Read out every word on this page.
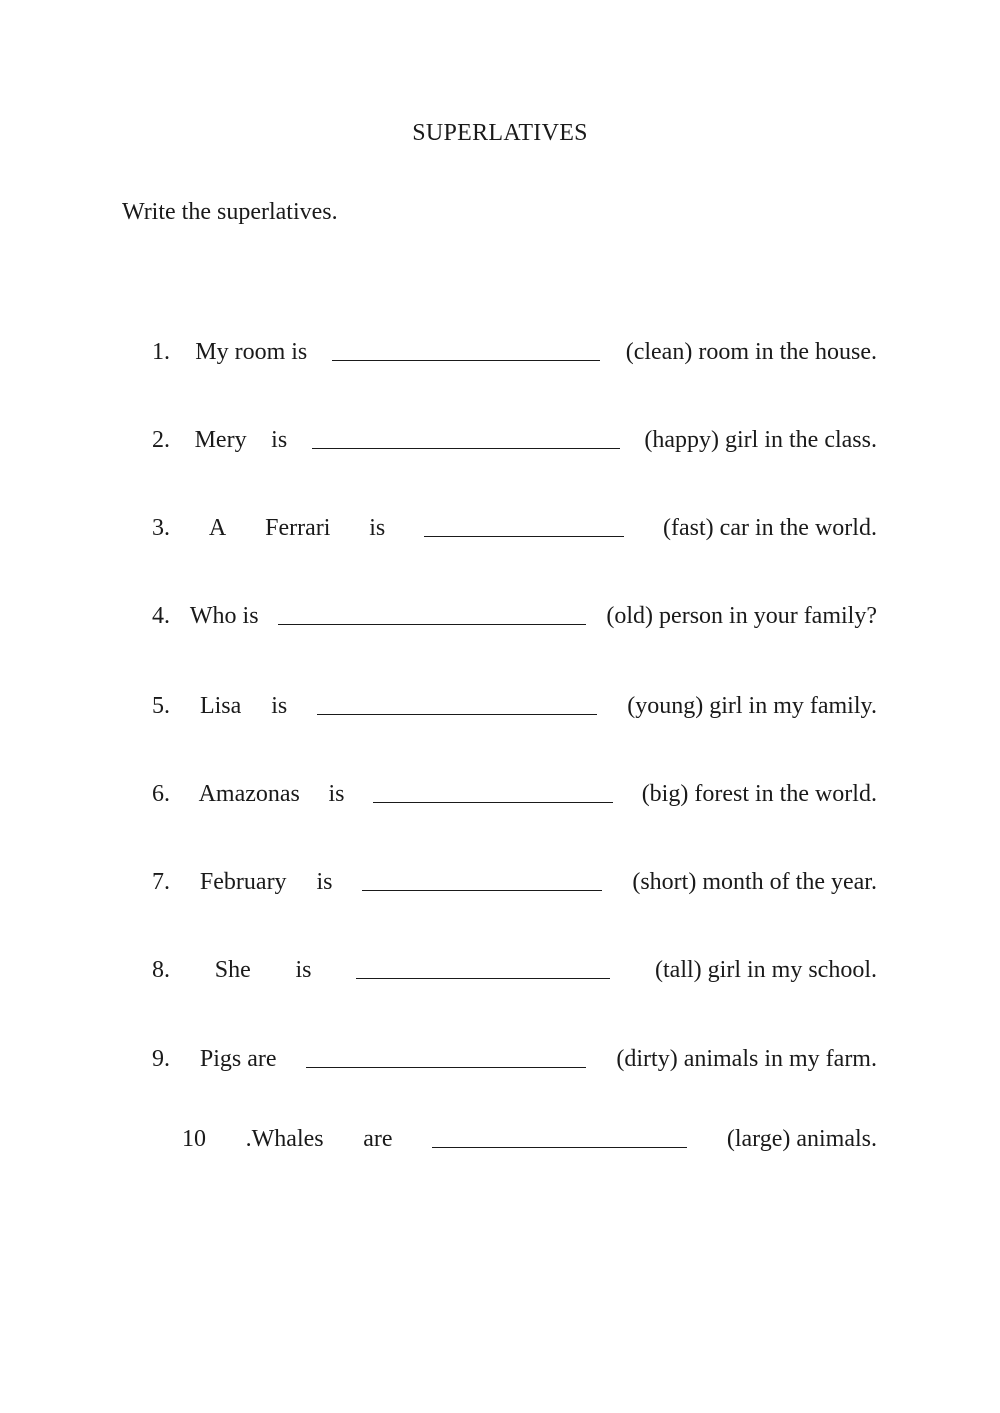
SUPERLATIVES
Write the superlatives.
1. My room is	(clean) room in the house.
2. Mery is	(happy) girl in the class.
3. A Ferrari is	(fast) car in the world.
4. Who is	(old) person in your family?
5. Lisa is	(young) girl in my family.
6. Amazonas is	(big) forest in the world.
7. February is	(short) month of the year.
8. She is	(tall) girl in my school.
9. Pigs are	(dirty) animals in my farm.
10 .Whales are	(large) animals.
